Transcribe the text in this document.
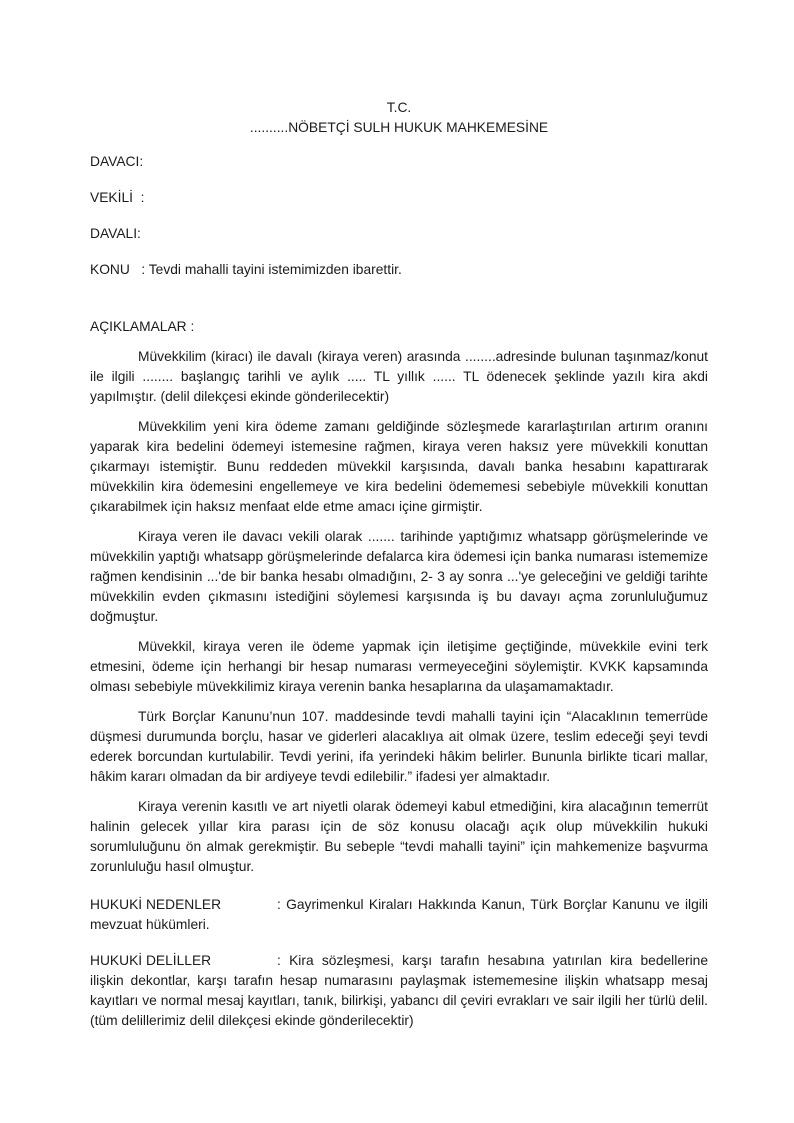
T.C.
..........NÖBETÇİ SULH HUKUK MAHKEMESİNE
DAVACI:
VEKİLİ  :
DAVALI:
KONU   : Tevdi mahalli tayini istemimizden ibarettir.
AÇIKLAMALAR :

Müvekkilim (kiracı) ile davalı (kiraya veren) arasında ........adresinde bulunan taşınmaz/konut ile ilgili ........ başlangıç tarihli ve aylık ..... TL yıllık ...... TL ödenecek şeklinde yazılı kira akdi yapılmıştır. (delil dilekçesi ekinde gönderilecektir)

Müvekkilim yeni kira ödeme zamanı geldiğinde sözleşmede kararlaştırılan artırım oranını yaparak kira bedelini ödemeyi istemesine rağmen, kiraya veren haksız yere müvekkili konuttan çıkarmayı istemiştir. Bunu reddeden müvekkil karşısında, davalı banka hesabını kapattırarak müvekkilin kira ödemesini engellemeye ve kira bedelini ödememesi sebebiyle müvekkili konuttan çıkarabilmek için haksız menfaat elde etme amacı içine girmiştir.

Kiraya veren ile davacı vekili olarak ....... tarihinde yaptığımız whatsapp görüşmelerinde ve müvekkilin yaptığı whatsapp görüşmelerinde defalarca kira ödemesi için banka numarası istememize rağmen kendisinin ...'de bir banka hesabı olmadığını, 2- 3 ay sonra ...'ye geleceğini ve geldiği tarihte müvekkilin evden çıkmasını istediğini söylemesi karşısında iş bu davayı açma zorunluluğumuz doğmuştur.

Müvekkil, kiraya veren ile ödeme yapmak için iletişime geçtiğinde, müvekkile evini terk etmesini, ödeme için herhangi bir hesap numarası vermeyeceğini söylemiştir. KVKK kapsamında olması sebebiyle müvekkilimiz kiraya verenin banka hesaplarına da ulaşamamaktadır.

Türk Borçlar Kanunu’nun 107. maddesinde tevdi mahalli tayini için “Alacaklının temerrüde düşmesi durumunda borçlu, hasar ve giderleri alacaklıya ait olmak üzere, teslim edeceği şeyi tevdi ederek borcundan kurtulabilir. Tevdi yerini, ifa yerindeki hâkim belirler. Bununla birlikte ticari mallar, hâkim kararı olmadan da bir ardiyeye tevdi edilebilir.” ifadesi yer almaktadır.

Kiraya verenin kasıtlı ve art niyetli olarak ödemeyi kabul etmediğini, kira alacağının temerrüt halinin gelecek yıllar kira parası için de söz konusu olacağı açık olup müvekkilin hukuki sorumluluğunu ön almak gerekmiştir. Bu sebeple “tevdi mahalli tayini” için mahkemenize başvurma zorunluluğu hasıl olmuştur.

HUKUKİ NEDENLER	: Gayrimenkul Kiraları Hakkında Kanun, Türk Borçlar Kanunu ve ilgili mevzuat hükümleri.

HUKUKİ DELİLLER	: Kira sözleşmesi, karşı tarafın hesabına yatırılan kira bedellerine ilişkin dekontlar, karşı tarafın hesap numarasını paylaşmak istememesine ilişkin whatsapp mesaj kayıtları ve normal mesaj kayıtları, tanık, bilirkişi, yabancı dil çeviri evrakları ve sair ilgili her türlü delil. (tüm delillerimiz delil dilekçesi ekinde gönderilecektir)
